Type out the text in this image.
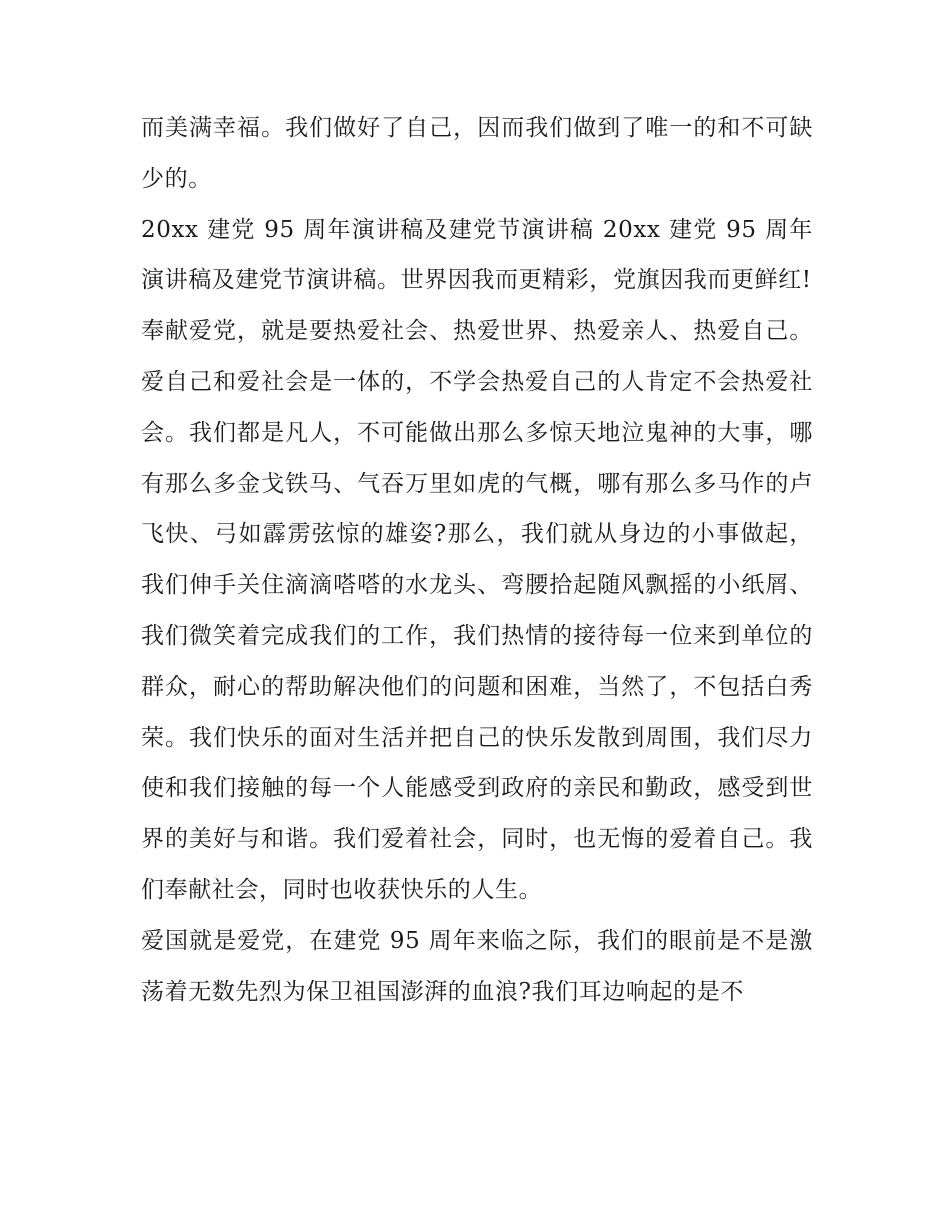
而美满幸福。我们做好了自己，因而我们做到了唯一的和不可缺少的。

20xx 建党 95 周年演讲稿及建党节演讲稿 20xx 建党 95 周年演讲稿及建党节演讲稿。世界因我而更精彩，党旗因我而更鲜红!

奉献爱党，就是要热爱社会、热爱世界、热爱亲人、热爱自己。爱自己和爱社会是一体的，不学会热爱自己的人肯定不会热爱社会。我们都是凡人，不可能做出那么多惊天地泣鬼神的大事，哪有那么多金戈铁马、气吞万里如虎的气概，哪有那么多马作的卢飞快、弓如霹雳弦惊的雄姿?那么，我们就从身边的小事做起，我们伸手关住滴滴嗒嗒的水龙头、弯腰拾起随风飘摇的小纸屑、我们微笑着完成我们的工作，我们热情的接待每一位来到单位的群众，耐心的帮助解决他们的问题和困难，当然了，不包括白秀荣。我们快乐的面对生活并把自己的快乐发散到周围，我们尽力使和我们接触的每一个人能感受到政府的亲民和勤政，感受到世界的美好与和谐。我们爱着社会，同时，也无悔的爱着自己。我们奉献社会，同时也收获快乐的人生。

爱国就是爱党，在建党 95 周年来临之际，我们的眼前是不是激荡着无数先烈为保卫祖国澎湃的血浪?我们耳边响起的是不
